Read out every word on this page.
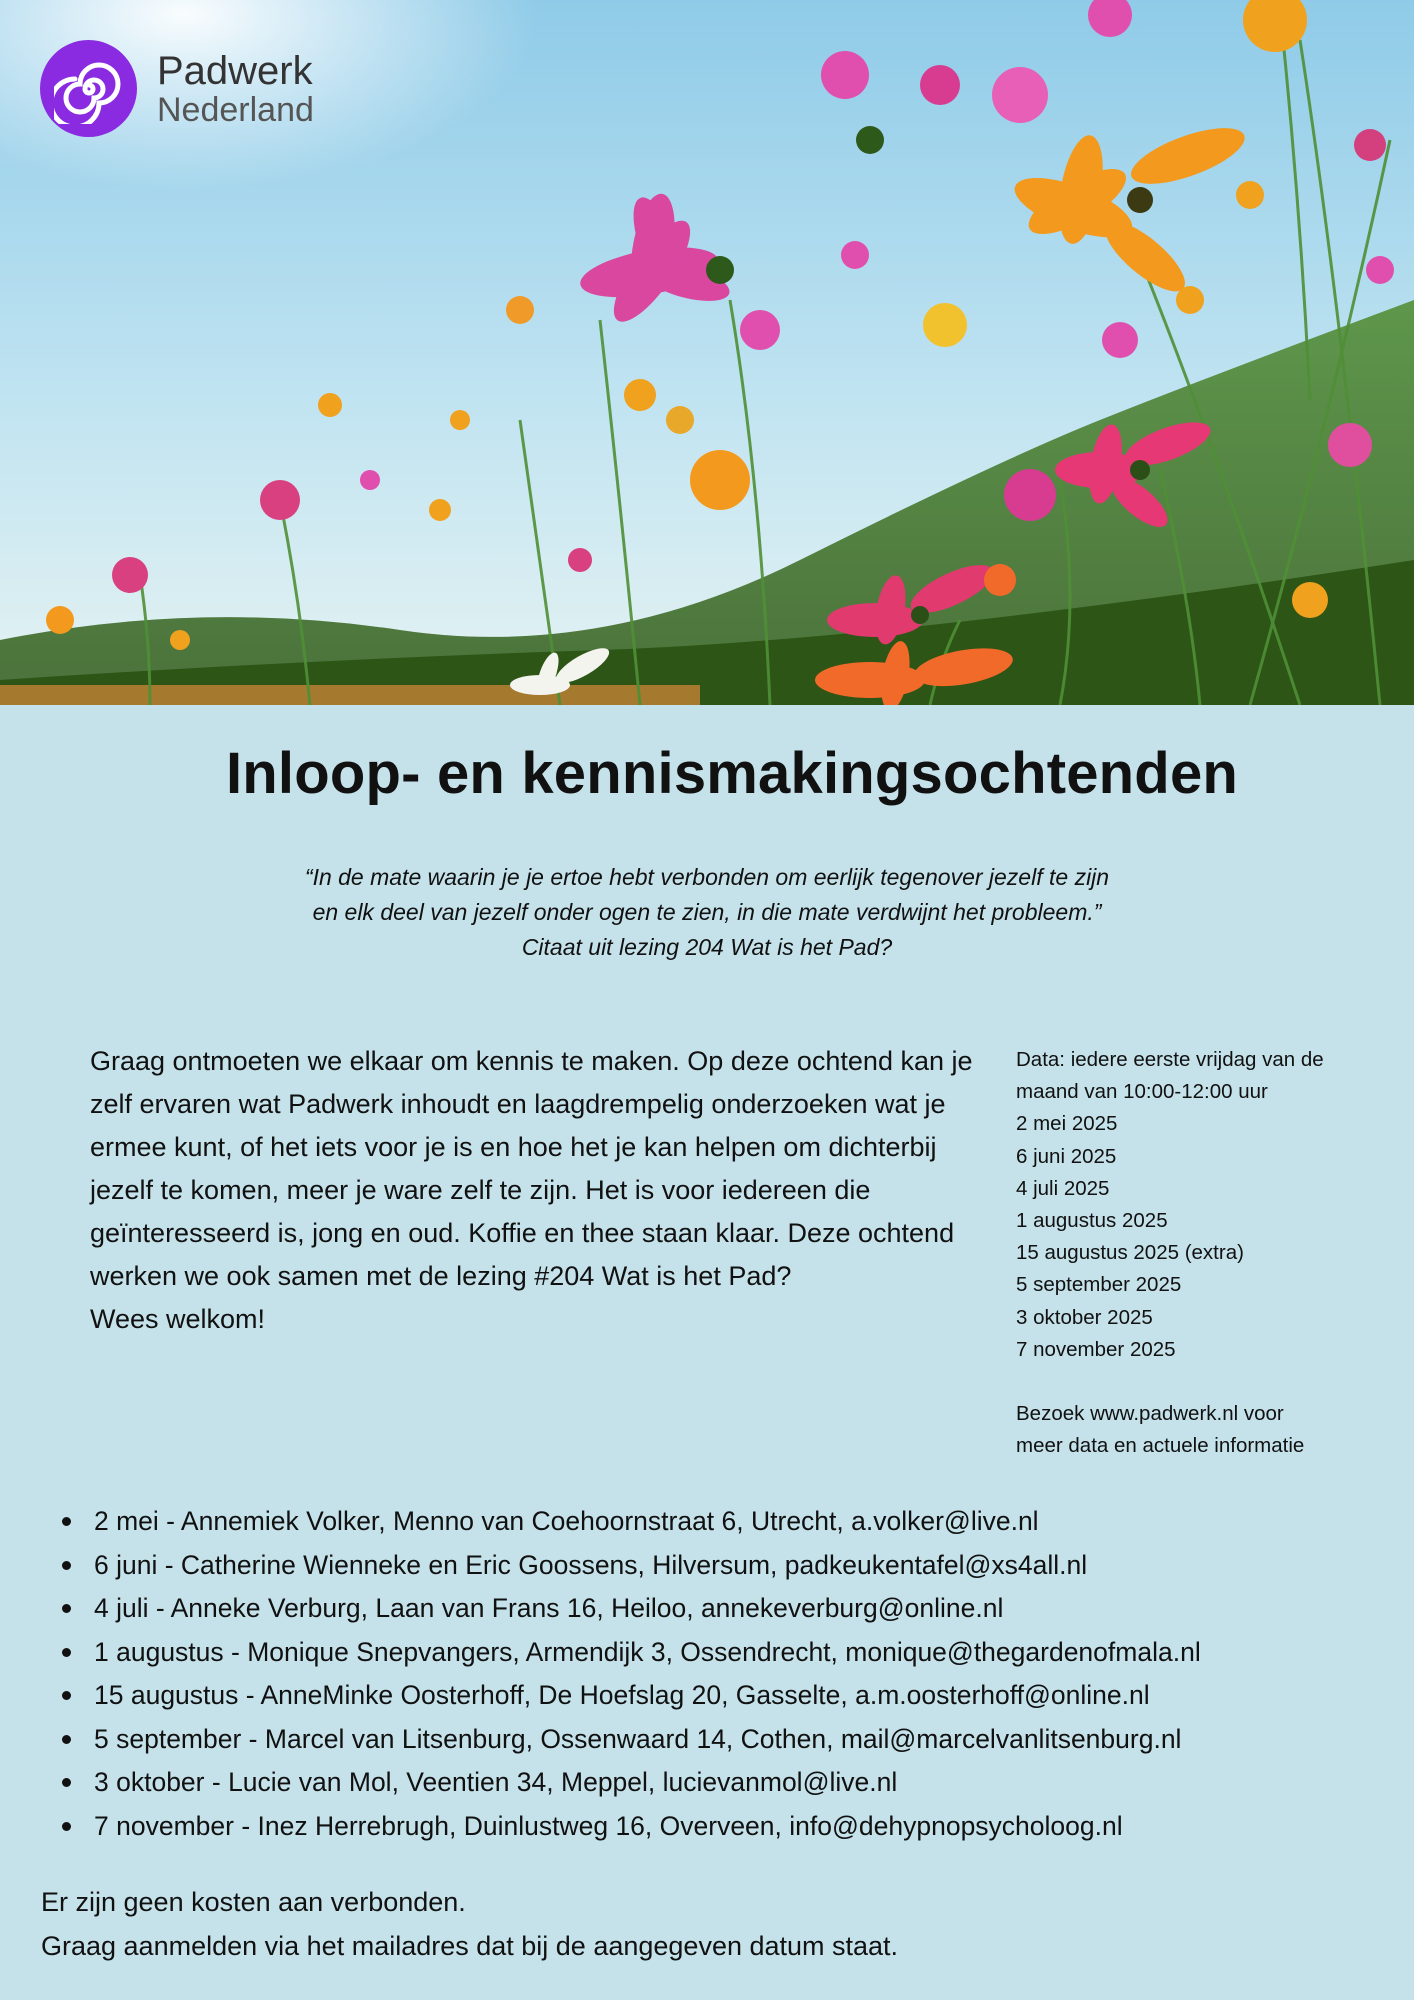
Padwerk
Nederland
Inloop- en kennismakingsochtenden
“In de mate waarin je je ertoe hebt verbonden om eerlijk tegenover jezelf te zijn
en elk deel van jezelf onder ogen te zien, in die mate verdwijnt het probleem.”
Citaat uit lezing 204 Wat is het Pad?

Graag ontmoeten we elkaar om kennis te maken. Op deze ochtend kan je zelf ervaren wat Padwerk inhoudt en laagdrempelig onderzoeken wat je ermee kunt, of het iets voor je is en hoe het je kan helpen om dichterbij jezelf te komen, meer je ware zelf te zijn. Het is voor iedereen die geïnteresseerd is, jong en oud. Koffie en thee staan klaar. Deze ochtend werken we ook samen met de lezing #204 Wat is het Pad?

Wees welkom!

Data: iedere eerste vrijdag van de
maand van 10:00-12:00 uur
2 mei 2025
6 juni 2025
4 juli 2025
1 augustus 2025
15 augustus 2025 (extra)
5 september 2025
3 oktober 2025
7 november 2025
Bezoek www.padwerk.nl voor
meer data en actuele informatie
2 mei - Annemiek Volker, Menno van Coehoornstraat 6, Utrecht, a.volker@live.nl
6 juni - Catherine Wienneke en Eric Goossens, Hilversum, padkeukentafel@xs4all.nl
4 juli - Anneke Verburg, Laan van Frans 16, Heiloo, annekeverburg@online.nl
1 augustus - Monique Snepvangers, Armendijk 3, Ossendrecht, monique@thegardenofmala.nl
15 augustus - AnneMinke Oosterhoff, De Hoefslag 20, Gasselte, a.m.oosterhoff@online.nl
5 september - Marcel van Litsenburg, Ossenwaard 14, Cothen, mail@marcelvanlitsenburg.nl
3 oktober - Lucie van Mol, Veentien 34, Meppel, lucievanmol@live.nl
7 november - Inez Herrebrugh, Duinlustweg 16, Overveen, info@dehypnopsycholoog.nl
Er zijn geen kosten aan verbonden.
Graag aanmelden via het mailadres dat bij de aangegeven datum staat.
